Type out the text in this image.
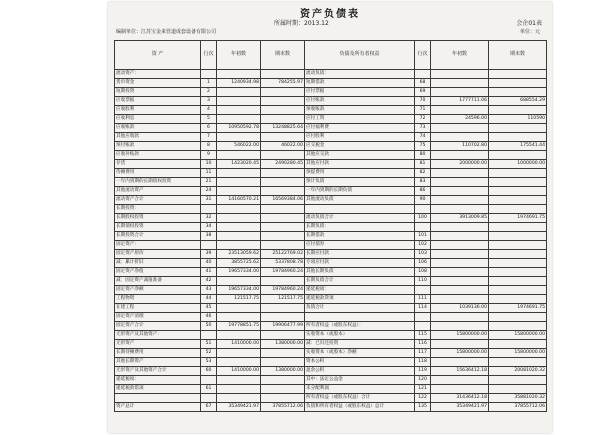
资产负债表
所属时期：2013.12	会企01表
编制单位：江苏宝金来管道成套设备有限公司	单位：元
资 产	行次	年初数	期末数	负债及所有者权益	行次	年初数	期末数
流动资产：				流动负债：			
货币资金	1	1240934.98	784255.97	短期借款	68		
短期投资	2			应付票据	69		
应收票据	3			应付账款	70	1777711.06	688554.29
应收股利	4			预收账款	71		
应收利息	5			应付工资	72	24596.00	110590
应收账款	6	10950592.78	13248825.64	应付福利费	73		
其他应收款	7			应付股利	74		
预付账款	8	546022.00	46022.00	应交税金	75	110702.80	175541.44
应收补贴款	9			其他应交款	80		
存货	10	1423020.45	2490280.45	其他应付款	81	2000000.00	1000000.00
待摊费用	11			预提费用	82		
一年内到期的长期债权投资	21			预计负债	83		
其他流动资产	24			一年内到期的长期负债	86		
流动资产合计	31	14160570.21	16569384.06	其他流动负债	90		
长期投资：							
长期股权投资	32			流动负债合计	100	3913009.85	1974691.75
长期债权投资	34			长期负债：			
长期投资合计	38			长期借款	101		
固定资产：				应付债券	102		
固定资产原价	39	23513059.62	25122769.02	长期应付款	103		
减：累计折旧	40	3855725.62	5337808.78	专项应付款	106		
固定资产净值	41	19657334.00	19784960.24	其他长期负债	108		
减：固定资产减值准备	42			长期负债合计	110		
固定资产净额	43	19657334.00	19784960.24	递延税项：			
工程物资	44	121517.75	121517.75	递延税款贷项	111		
在建工程	45			负债合计	114	1039136.00	1974691.75
固定资产清理	46						
固定资产合计	50	19778851.75	19906477.99	所有者权益（或股东权益）：			
无形资产及其他资产：				实收资本（或股本）	115	15800000.00	15800000.00
无形资产	51	1410000.00	1380000.00	减：已归还投资	116		
长期待摊费用	52			实收资本（或股本）净额	117	15800000.00	15800000.00
其他长期资产	53			资本公积	118		
无形资产及其他资产合计	60	1410000.00	1380000.00	盈余公积	119	15636412.18	20081020.32
递延税项：				其中：法定公益金	120		
递延税款借项	61			未分配利润	121		
				所有者权益（或股东权益）合计	122	31436412.18	35881020.32
资产总计	67	35349421.97	37855712.06	负债和所有者权益（或股东权益）总计	135	35349421.97	37855712.06
